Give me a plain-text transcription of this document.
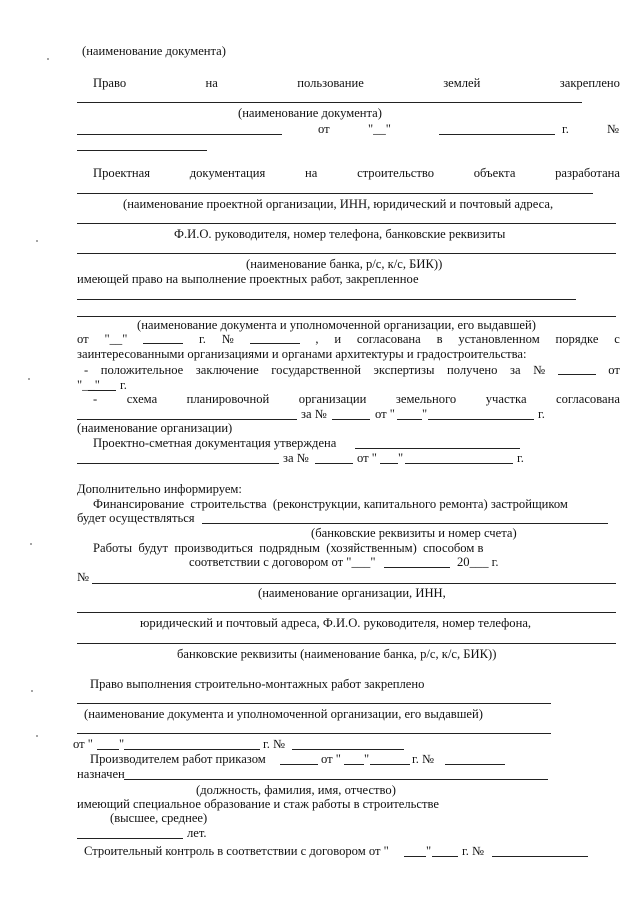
(наименование документа)
Право	на	пользование	землей	закреплено
(наименование документа)
от	"__"	г.	№
Проектная	документация	на	строительство	объекта	разработана
(наименование проектной организации, ИНН, юридический и почтовый адреса,
Ф.И.О. руководителя, номер телефона, банковские реквизиты
(наименование банка, р/с, к/с, БИК))
имеющей право на выполнение проектных работ, закрепленное
(наименование документа и уполномоченной организации, его выдавшей)
от "__"	г. №	, и согласована в установленном порядке с
заинтересованными организациями и органами архитектуры и градостроительства:
- положительное заключение государственной экспертизы получено за №	от
"__" г.
- схема планировочной организации земельного участка согласована
за №	от " "	г.
(наименование организации)
Проектно-сметная документация утверждена
за №	от " "	г.
Дополнительно информируем:
Финансирование  строительства  (реконструкции, капитального ремонта) застройщиком
будет осуществляться
(банковские реквизиты и номер счета)
Работы  будут  производиться  подрядным  (хозяйственным)  способом в
соответствии с договором от "___"	20___ г.
№
(наименование организации, ИНН,
юридический и почтовый адреса, Ф.И.О. руководителя, номер телефона,
банковские реквизиты (наименование банка, р/с, к/с, БИК))
Право выполнения строительно-монтажных работ закреплено
(наименование документа и уполномоченной организации, его выдавшей)
от " "	г. №
Производителем работ приказом	от " "	г. №
назначен
(должность, фамилия, имя, отчество)
имеющий специальное образование и стаж работы в строительстве
(высшее, среднее)
лет.
Строительный контроль в соответствии с договором от "	" г. №
